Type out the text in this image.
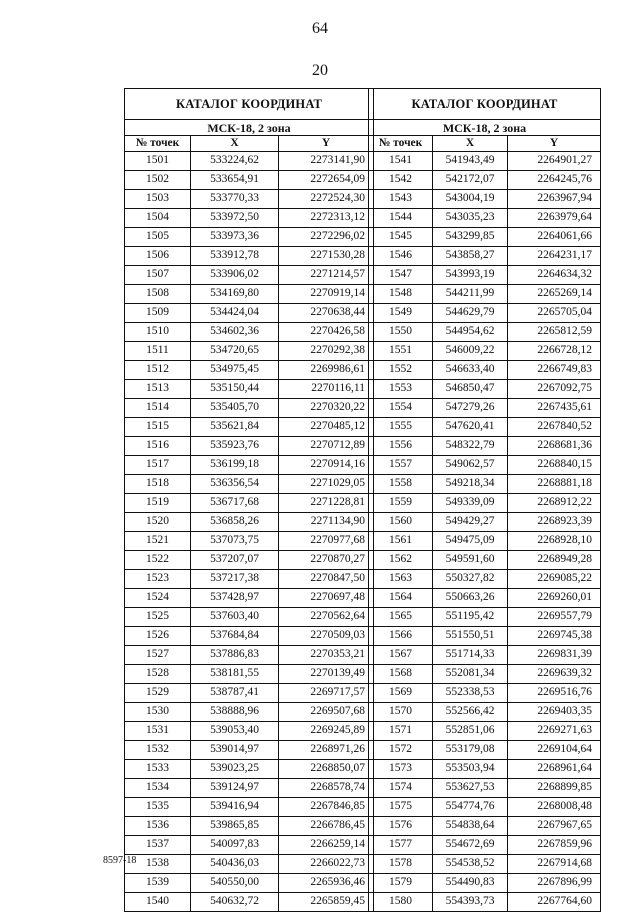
64
20
КАТАЛОГ КООРДИНАТ		
МСК-18, 2 зона		
№ точек	X	Y
1501	533224,62	2273141,90
1502	533654,91	2272654,09
1503	533770,33	2272524,30
1504	533972,50	2272313,12
1505	533973,36	2272296,02
1506	533912,78	2271530,28
1507	533906,02	2271214,57
1508	534169,80	2270919,14
1509	534424,04	2270638,44
1510	534602,36	2270426,58
1511	534720,65	2270292,38
1512	534975,45	2269986,61
1513	535150,44	2270116,11
1514	535405,70	2270320,22
1515	535621,84	2270485,12
1516	535923,76	2270712,89
1517	536199,18	2270914,16
1518	536356,54	2271029,05
1519	536717,68	2271228,81
1520	536858,26	2271134,90
1521	537073,75	2270977,68
1522	537207,07	2270870,27
1523	537217,38	2270847,50
1524	537428,97	2270697,48
1525	537603,40	2270562,64
1526	537684,84	2270509,03
1527	537886,83	2270353,21
1528	538181,55	2270139,49
1529	538787,41	2269717,57
1530	538888,96	2269507,68
1531	539053,40	2269245,89
1532	539014,97	2268971,26
1533	539023,25	2268850,07
1534	539124,97	2268578,74
1535	539416,94	2267846,85
1536	539865,85	2266786,45
1537	540097,83	2266259,14
1538	540436,03	2266022,73
1539	540550,00	2265936,46
1540	540632,72	2265859,45
КАТАЛОГ КООРДИНАТ		
МСК-18, 2 зона		
№ точек	X	Y
1541	541943,49	2264901,27
1542	542172,07	2264245,76
1543	543004,19	2263967,94
1544	543035,23	2263979,64
1545	543299,85	2264061,66
1546	543858,27	2264231,17
1547	543993,19	2264634,32
1548	544211,99	2265269,14
1549	544629,79	2265705,04
1550	544954,62	2265812,59
1551	546009,22	2266728,12
1552	546633,40	2266749,83
1553	546850,47	2267092,75
1554	547279,26	2267435,61
1555	547620,41	2267840,52
1556	548322,79	2268681,36
1557	549062,57	2268840,15
1558	549218,34	2268881,18
1559	549339,09	2268912,22
1560	549429,27	2268923,39
1561	549475,09	2268928,10
1562	549591,60	2268949,28
1563	550327,82	2269085,22
1564	550663,26	2269260,01
1565	551195,42	2269557,79
1566	551550,51	2269745,38
1567	551714,33	2269831,39
1568	552081,34	2269639,32
1569	552338,53	2269516,76
1570	552566,42	2269403,35
1571	552851,06	2269271,63
1572	553179,08	2269104,64
1573	553503,94	2268961,64
1574	553627,53	2268899,85
1575	554774,76	2268008,48
1576	554838,64	2267967,65
1577	554672,69	2267859,96
1578	554538,52	2267914,68
1579	554490,83	2267896,99
1580	554393,73	2267764,60
8597-18
